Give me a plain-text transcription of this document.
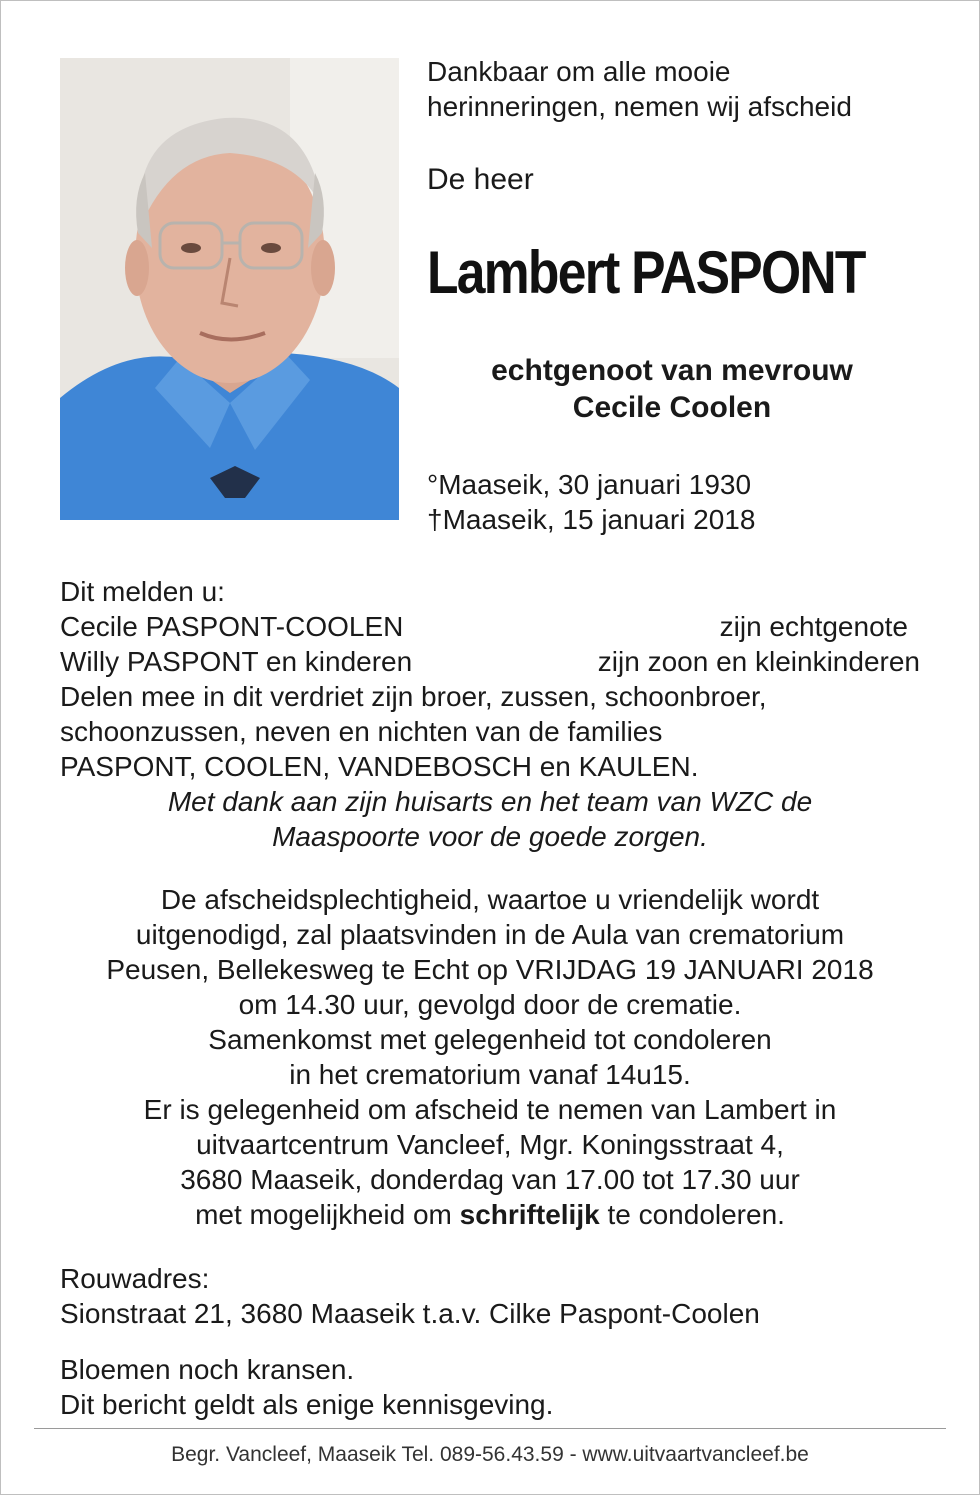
Dankbaar om alle mooie
herinneringen, nemen wij afscheid
De heer
Lambert PASPONT
echtgenoot van mevrouw
Cecile Coolen
°Maaseik, 30 januari 1930
†Maaseik, 15 januari 2018
Dit melden u:
Cecile PASPONT-COOLEN	zijn echtgenote
Willy PASPONT en kinderen	zijn zoon en kleinkinderen
Delen mee in dit verdriet zijn broer, zussen, schoonbroer,
schoonzussen, neven en nichten van de families
PASPONT, COOLEN, VANDEBOSCH en KAULEN.
Met dank aan zijn huisarts en het team van WZC de
Maaspoorte voor de goede zorgen.
De afscheidsplechtigheid, waartoe u vriendelijk wordt
uitgenodigd, zal plaatsvinden in de Aula van crematorium
Peusen, Bellekesweg te Echt op VRIJDAG 19 JANUARI 2018
om 14.30 uur, gevolgd door de crematie.
Samenkomst met gelegenheid tot condoleren
in het crematorium vanaf 14u15.
Er is gelegenheid om afscheid te nemen van Lambert in
uitvaartcentrum Vancleef, Mgr. Koningsstraat 4,
3680 Maaseik, donderdag van 17.00 tot 17.30 uur
met mogelijkheid om schriftelijk te condoleren.
Rouwadres:
Sionstraat 21, 3680 Maaseik t.a.v. Cilke Paspont-Coolen
Bloemen noch kransen.
Dit bericht geldt als enige kennisgeving.
Begr. Vancleef, Maaseik Tel. 089-56.43.59 - www.uitvaartvancleef.be
